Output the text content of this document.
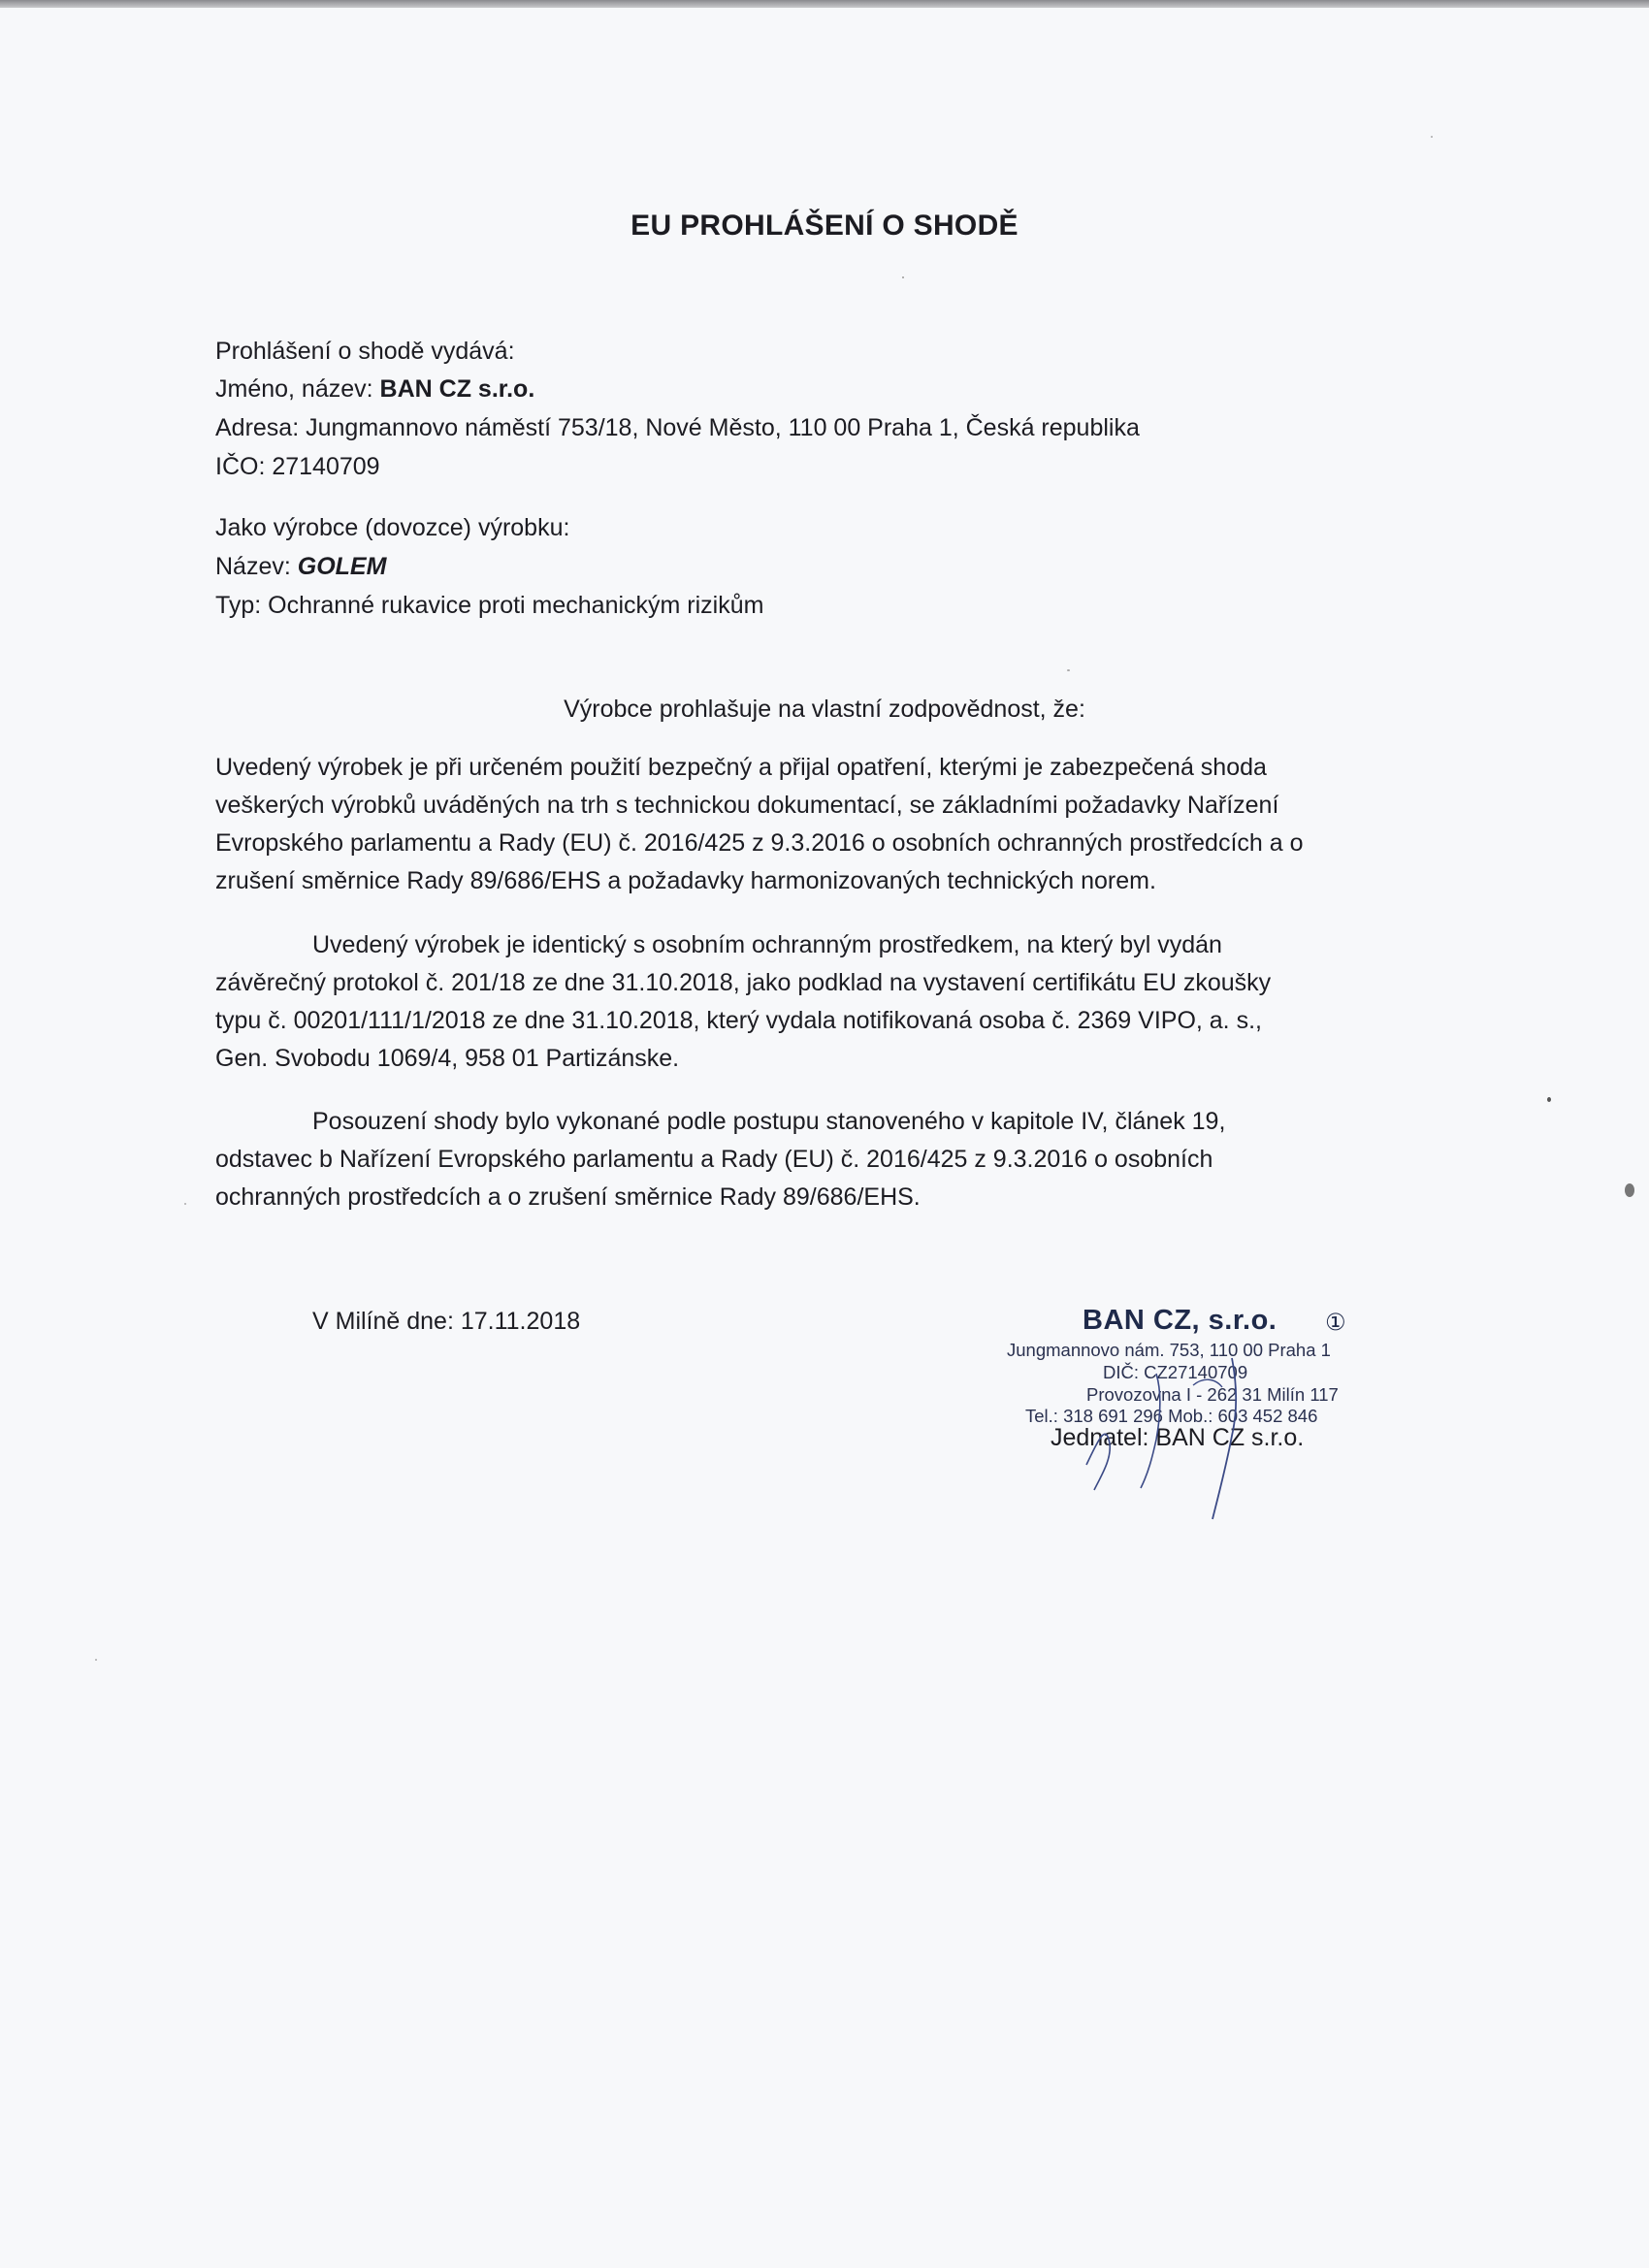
EU PROHLÁŠENÍ O SHODĚ
Prohlášení o shodě vydává:
Jméno, název: BAN CZ s.r.o.
Adresa: Jungmannovo náměstí 753/18, Nové Město, 110 00 Praha 1, Česká republika
IČO: 27140709
Jako výrobce (dovozce) výrobku:
Název: GOLEM
Typ: Ochranné rukavice proti mechanickým rizikům
Výrobce prohlašuje na vlastní zodpovědnost, že:
Uvedený výrobek je při určeném použití bezpečný a přijal opatření, kterými je zabezpečená shoda
veškerých výrobků uváděných na trh s technickou dokumentací, se základními požadavky Nařízení
Evropského parlamentu a Rady (EU) č. 2016/425 z 9.3.2016 o osobních ochranných prostředcích a o
zrušení směrnice Rady 89/686/EHS a požadavky harmonizovaných technických norem.
Uvedený výrobek je identický s osobním ochranným prostředkem, na který byl vydán
závěrečný protokol č. 201/18 ze dne 31.10.2018, jako podklad na vystavení certifikátu EU zkoušky
typu č. 00201/111/1/2018 ze dne 31.10.2018, který vydala notifikovaná osoba č. 2369 VIPO, a. s.,
Gen. Svobodu 1069/4, 958 01 Partizánske.
Posouzení shody bylo vykonané podle postupu stanoveného v kapitole IV, článek 19,
odstavec b Nařízení Evropského parlamentu a Rady (EU) č. 2016/425 z 9.3.2016 o osobních
ochranných prostředcích a o zrušení směrnice Rady 89/686/EHS.
V Milíně dne: 17.11.2018	BAN CZ, s.r.o. ①
Jungmannovo nám. 753, 110 00 Praha 1
DIČ: CZ27140709
Provozovna I - 262 31 Milín 117
Tel.: 318 691 296 Mob.: 603 452 846
Jednatel: BAN CZ s.r.o.
